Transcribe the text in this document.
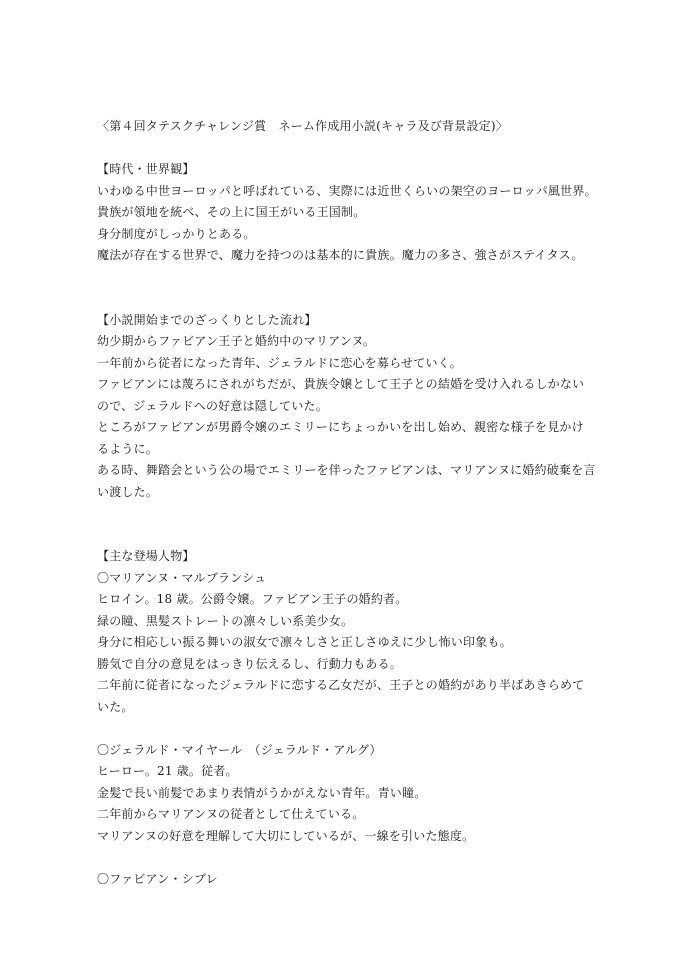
〈第４回タテスクチャレンジ賞　ネーム作成用小説(キャラ及び背景設定)〉
【時代・世界観】
いわゆる中世ヨーロッパと呼ばれている、実際には近世くらいの架空のヨーロッパ風世界。
貴族が領地を統べ、その上に国王がいる王国制。
身分制度がしっかりとある。
魔法が存在する世界で、魔力を持つのは基本的に貴族。魔力の多さ、強さがステイタス。
【小説開始までのざっくりとした流れ】
幼少期からファビアン王子と婚約中のマリアンヌ。
一年前から従者になった青年、ジェラルドに恋心を募らせていく。
ファビアンには蔑ろにされがちだが、貴族令嬢として王子との結婚を受け入れるしかない
ので、ジェラルドへの好意は隠していた。
ところがファビアンが男爵令嬢のエミリーにちょっかいを出し始め、親密な様子を見かけ
るように。
ある時、舞踏会という公の場でエミリーを伴ったファビアンは、マリアンヌに婚約破棄を言
い渡した。
【主な登場人物】
〇マリアンヌ・マルブランシュ
ヒロイン。18 歳。公爵令嬢。ファビアン王子の婚約者。
緑の瞳、黒髪ストレートの凛々しい系美少女。
身分に相応しい振る舞いの淑女で凛々しさと正しさゆえに少し怖い印象も。
勝気で自分の意見をはっきり伝えるし、行動力もある。
二年前に従者になったジェラルドに恋する乙女だが、王子との婚約があり半ばあきらめて
いた。
〇ジェラルド・マイヤール　（ジェラルド・アルグ）
ヒーロー。21 歳。従者。
金髪で長い前髪であまり表情がうかがえない青年。青い瞳。
二年前からマリアンヌの従者として仕えている。
マリアンヌの好意を理解して大切にしているが、一線を引いた態度。
〇ファビアン・シブレ
